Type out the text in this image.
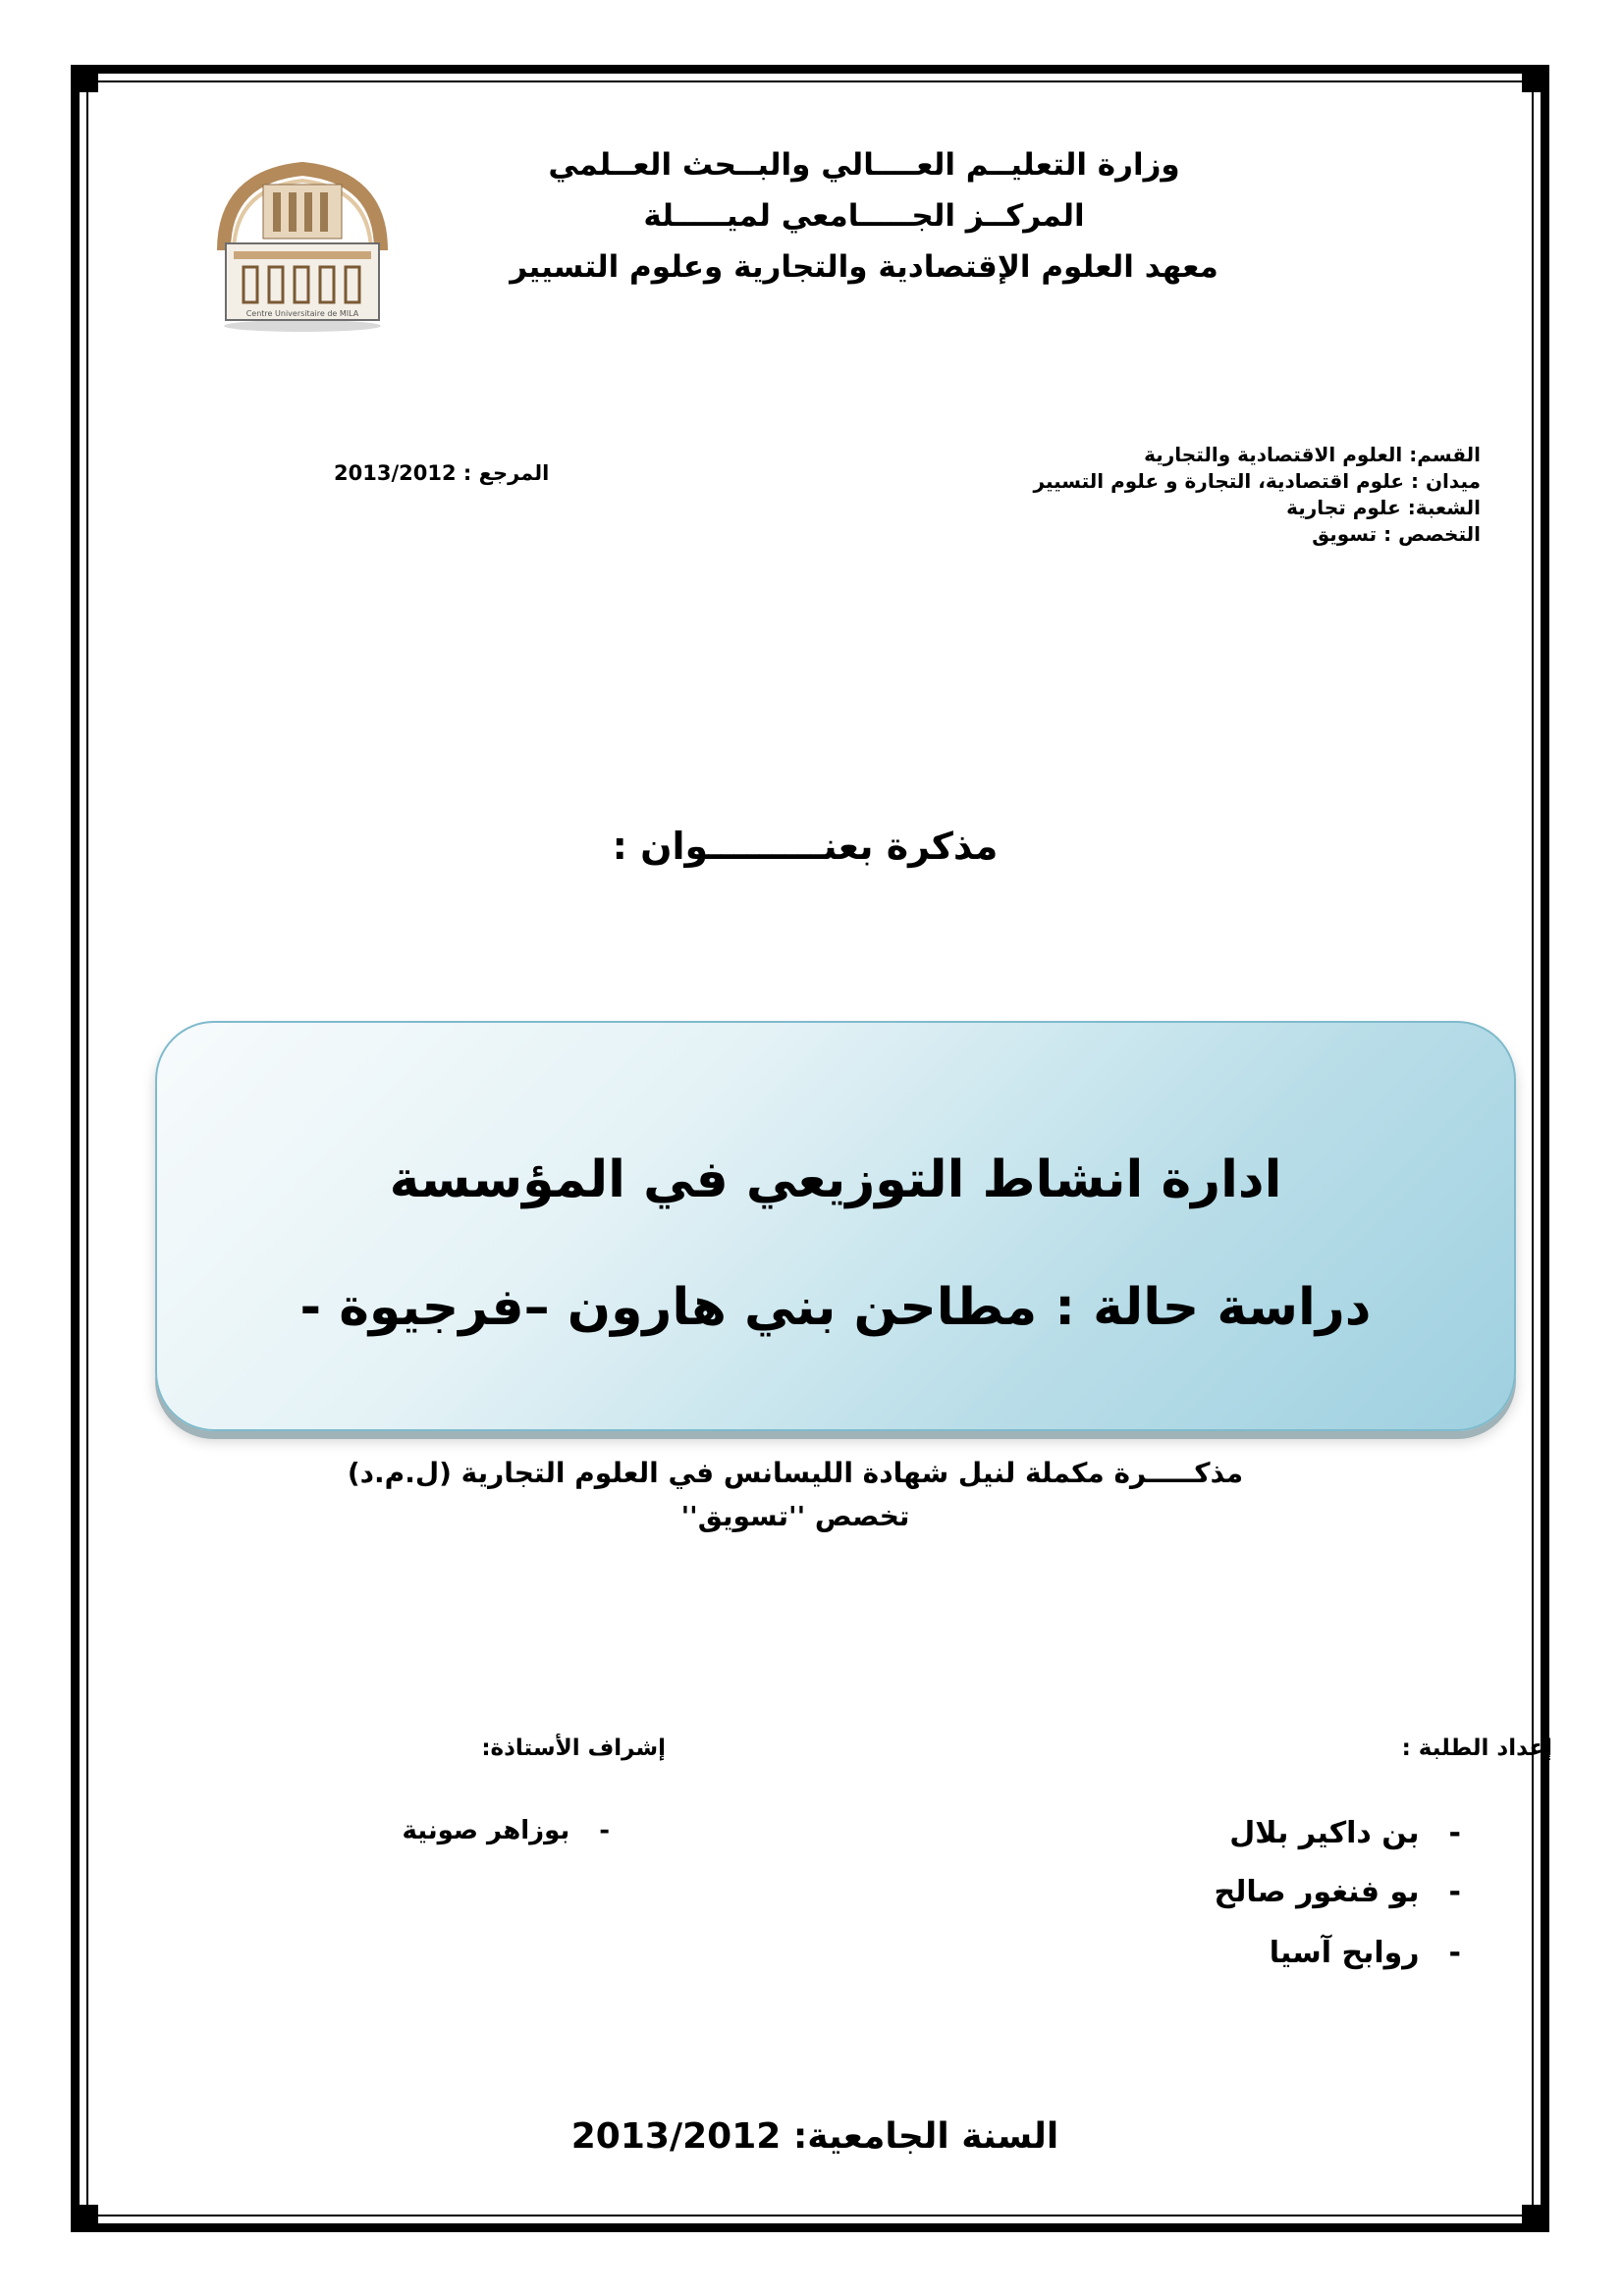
Centre Universitaire de MILA
وزارة التعليــم العــــالي والبــحث العــلمي
المركــز الجـــــامعي لميـــــلة
معهد العلوم الإقتصادية والتجارية وعلوم التسيير
القسم: العلوم الاقتصادية والتجارية
ميدان : علوم اقتصادية، التجارة و علوم التسيير
الشعبة: علوم تجارية
التخصص : تسويق
المرجع : 2013/2012
مذكرة بعنـــــــــوان :
ادارة انشاط التوزيعي في المؤسسة
دراسة حالة : مطاحن بني هارون –فرجيوة -
مذكـــــرة مكملة لنيل شهادة الليسانس في العلوم التجارية (ل.م.د)
تخصص ''تسويق''
إعداد الطلبة :
إشراف الأستاذة:
-بن داكير بلال
-بو فنغور صالح
-روابح آسيا
-بوزاهر صونية
السنة الجامعية: 2013/2012
